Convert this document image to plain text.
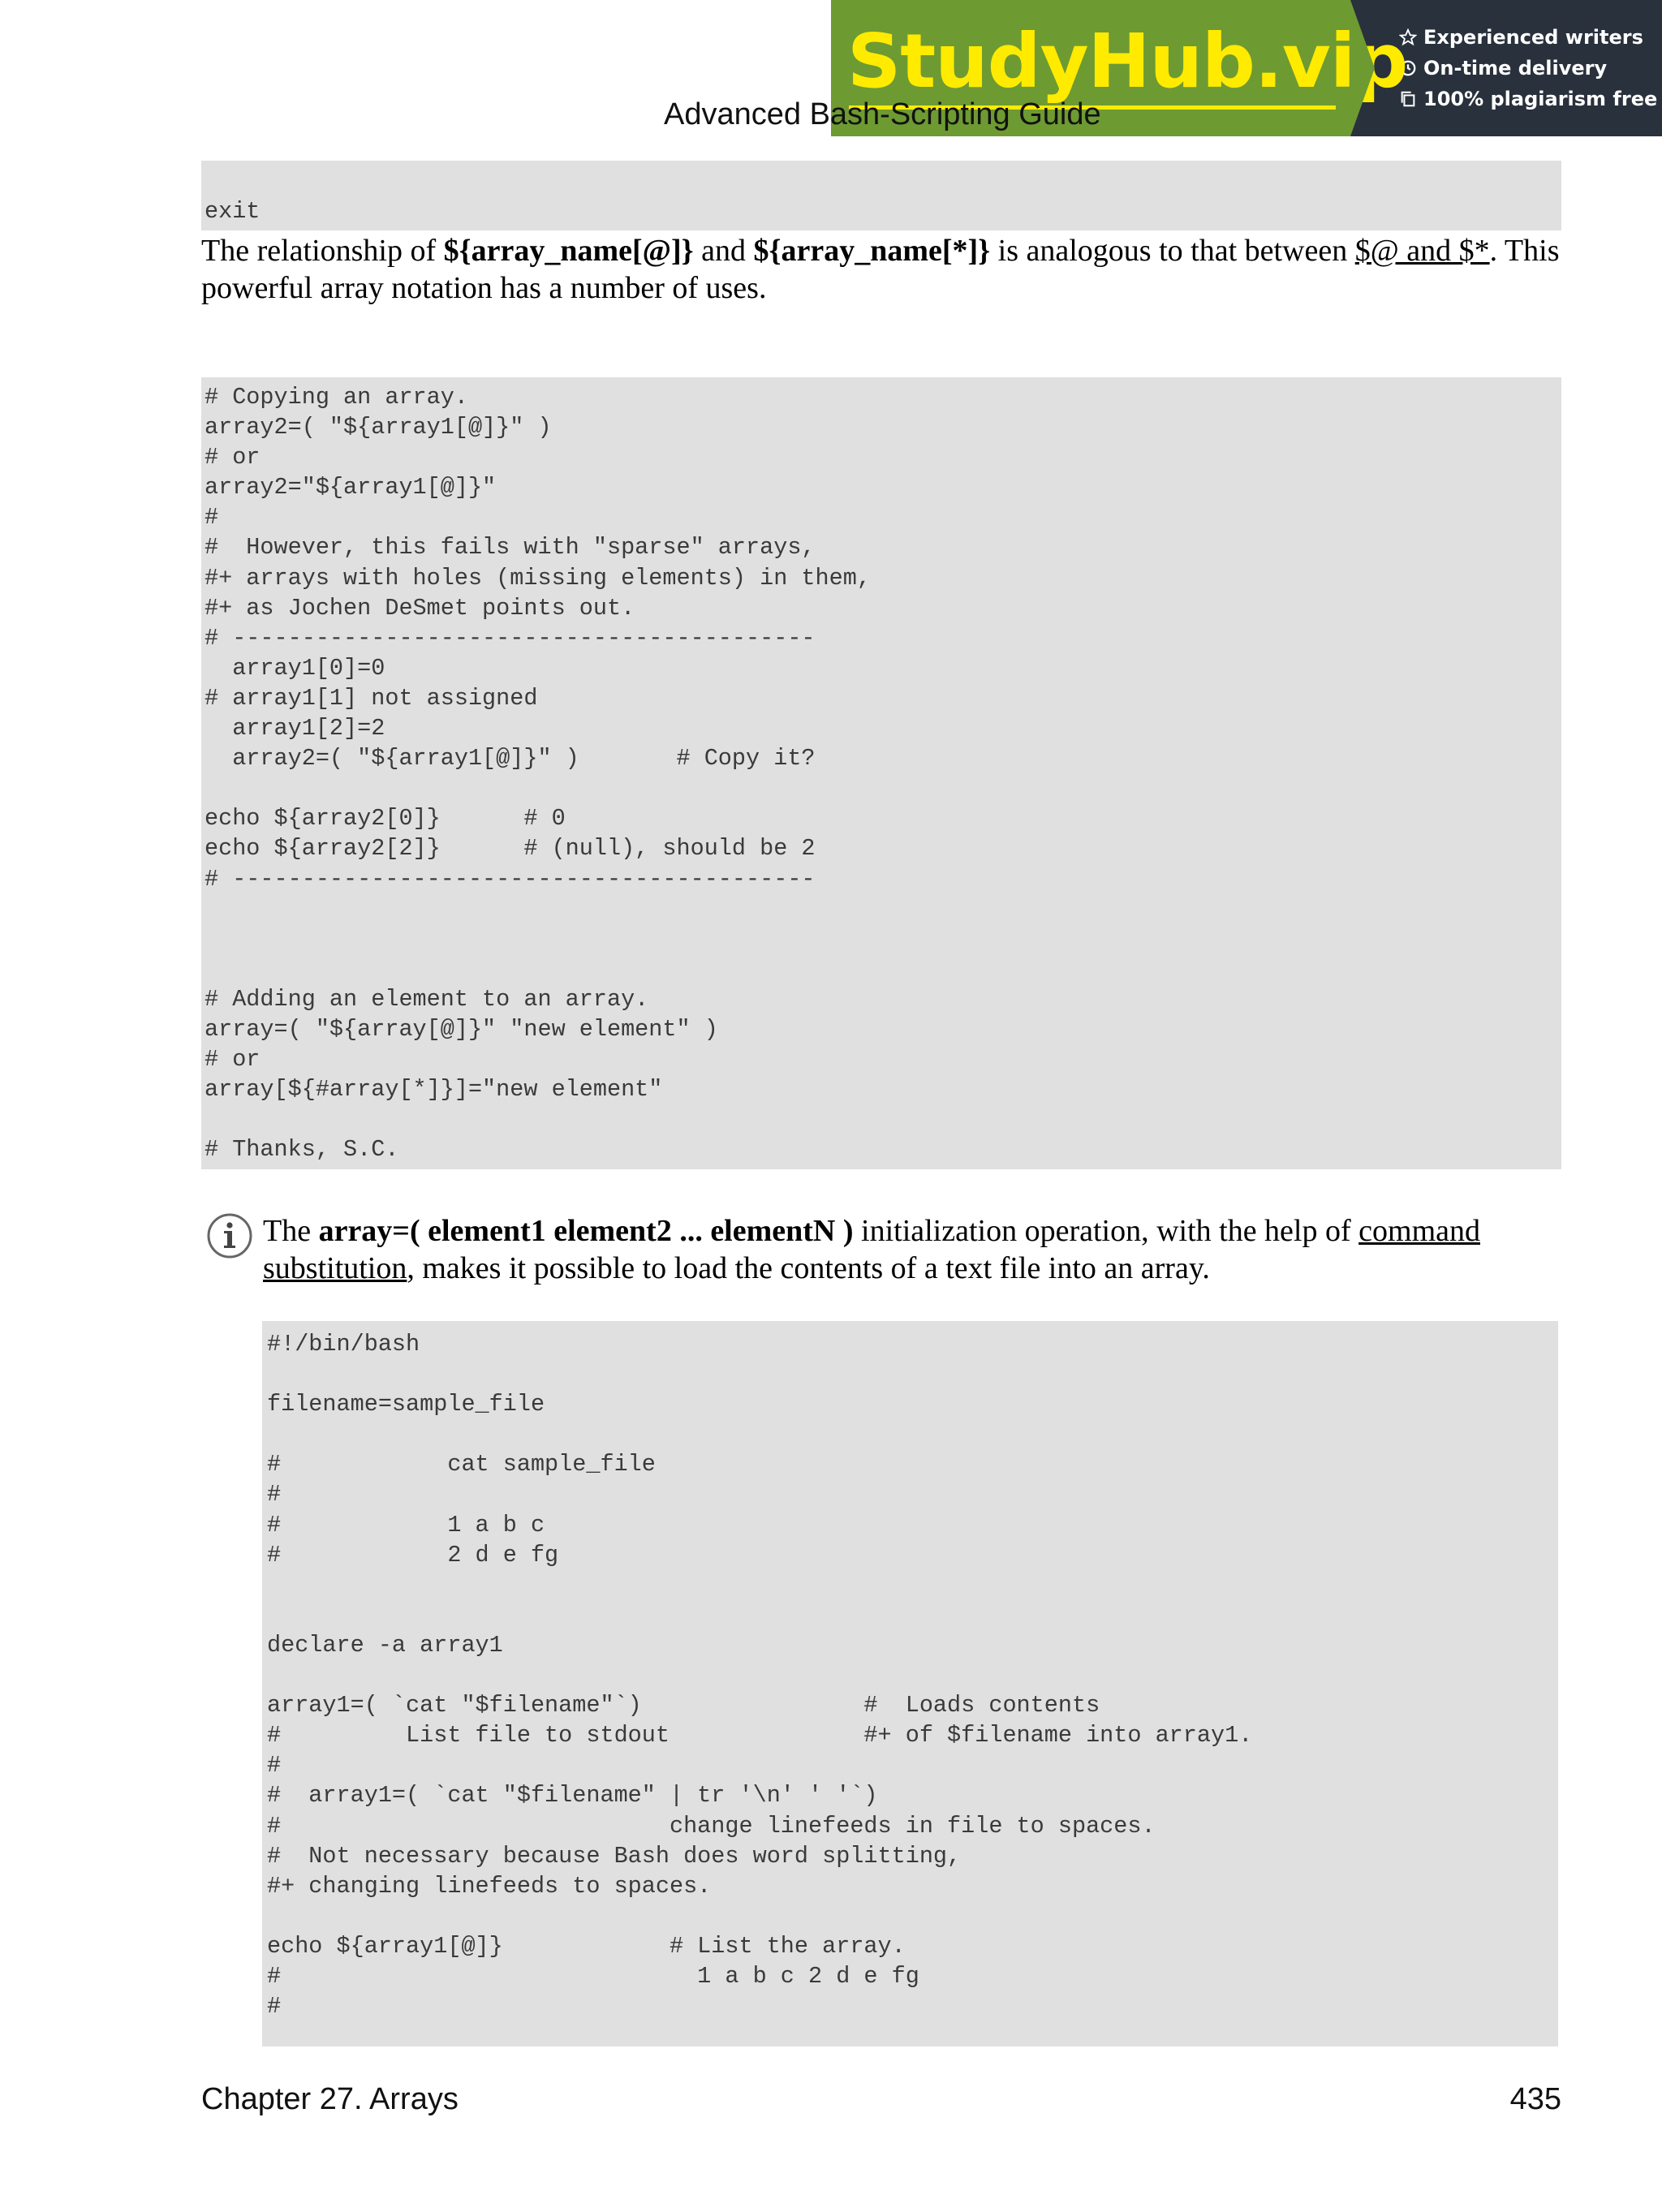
StudyHub.vip Experienced writers
On-time delivery
100% plagiarism free
Advanced Bash-Scripting Guide
exit
The relationship of ${array_name[@]} and ${array_name[*]} is analogous to that between $@ and $*. This powerful array notation has a number of uses.
# Copying an array.
array2=( "${array1[@]}" )
# or
array2="${array1[@]}"
#
#  However, this fails with "sparse" arrays,
#+ arrays with holes (missing elements) in them,
#+ as Jochen DeSmet points out.
# ------------------------------------------
array1[0]=0
# array1[1] not assigned
array1[2]=2
array2=( "${array1[@]}" )       # Copy it?

echo ${array2[0]}      # 0
echo ${array2[2]}      # (null), should be 2
# ------------------------------------------

# Adding an element to an array.
array=( "${array[@]}" "new element" )
# or
array[${#array[*]}]="new element"

# Thanks, S.C.
The array=( element1 element2 ... elementN ) initialization operation, with the help of command substitution, makes it possible to load the contents of a text file into an array.
#!/bin/bash

filename=sample_file

#            cat sample_file
#
#            1 a b c
#            2 d e fg

declare -a array1

array1=( `cat "$filename"`)                #  Loads contents
#         List file to stdout              #+ of $filename into array1.
#
#  array1=( `cat "$filename" | tr '\n' ' '`)
#                            change linefeeds in file to spaces.
#  Not necessary because Bash does word splitting,
#+ changing linefeeds to spaces.

echo ${array1[@]}            # List the array.
#                              1 a b c 2 d e fg
#
Chapter 27. Arrays	435
